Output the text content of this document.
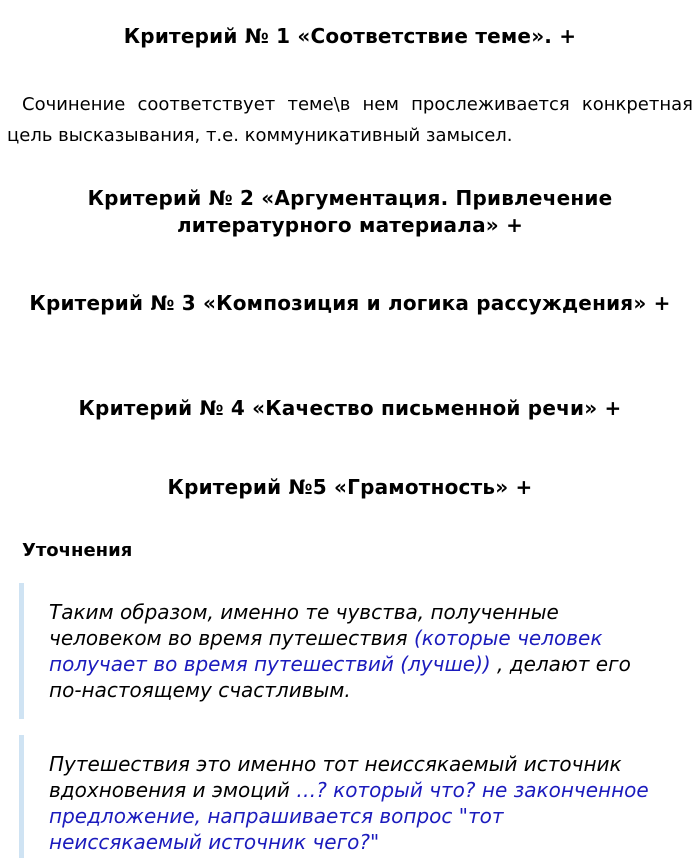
Критерий № 1 «Соответствие теме». +

Сочинение соответствует теме\в нем прослеживается конкретная цель высказывания, т.е. коммуникативный замысел.

Критерий № 2 «Аргументация. Привлечение литературного материала» +
Критерий № 3 «Композиция и логика рассуждения» +
Критерий № 4 «Качество письменной речи» +
Критерий №5 «Грамотность» +
Уточнения
Таким образом, именно те чувства, полученные человеком во время путешествия (которые человек получает во время путешествий (лучше)) , делают его по-настоящему счастливым.
Путешествия это именно тот неиссякаемый источник вдохновения и эмоций …? который что? не законченное предложение, напрашивается вопрос "тот неиссякаемый источник чего?"
